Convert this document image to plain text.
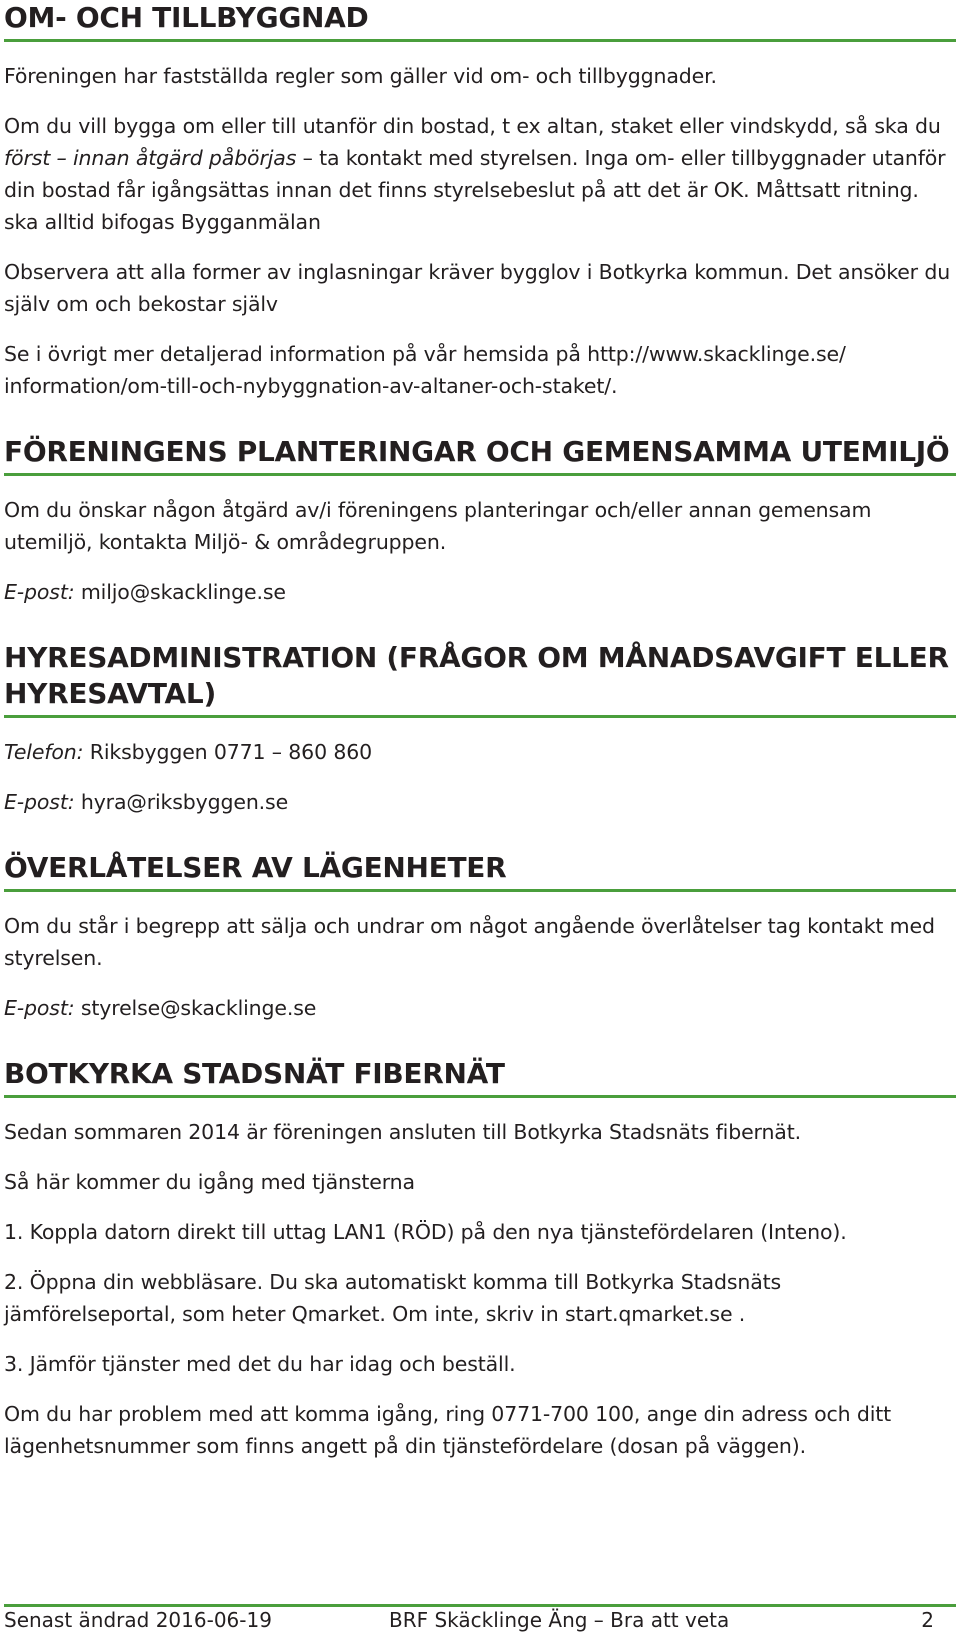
OM- OCH TILLBYGGNAD

Föreningen har fastställda regler som gäller vid om- och tillbyggnader.

Om du vill bygga om eller till utanför din bostad, t ex altan, staket eller vindskydd, så ska du först – innan åtgärd påbörjas – ta kontakt med styrelsen. Inga om- eller tillbyggnader utanför din bostad får igångsättas innan det finns styrelsebeslut på att det är OK. Måttsatt ritning. ska alltid bifogas Bygganmälan

Observera att alla former av inglasningar kräver bygglov i Botkyrka kommun. Det ansöker du själv om och bekostar själv

Se i övrigt mer detaljerad information på vår hemsida på http://www.skacklinge.se/ information/om-till-och-nybyggnation-av-altaner-och-staket/.

FÖRENINGENS PLANTERINGAR OCH GEMENSAMMA UTEMILJÖ

Om du önskar någon åtgärd av/i föreningens planteringar och/eller annan gemensam utemiljö, kontakta Miljö- & områdegruppen.

E-post: miljo@skacklinge.se

HYRESADMINISTRATION (FRÅGOR OM MÅNADSAVGIFT ELLER HYRESAVTAL)

Telefon: Riksbyggen 0771 – 860 860

E-post: hyra@riksbyggen.se

ÖVERLÅTELSER AV LÄGENHETER

Om du står i begrepp att sälja och undrar om något angående överlåtelser tag kontakt med styrelsen.

E-post: styrelse@skacklinge.se

BOTKYRKA STADSNÄT FIBERNÄT

Sedan sommaren 2014 är föreningen ansluten till Botkyrka Stadsnäts fibernät.

Så här kommer du igång med tjänsterna

1. Koppla datorn direkt till uttag LAN1 (RÖD) på den nya tjänstefördelaren (Inteno).

2. Öppna din webbläsare. Du ska automatiskt komma till Botkyrka Stadsnäts jämförelseportal, som heter Qmarket. Om inte, skriv in start.qmarket.se .

3. Jämför tjänster med det du har idag och beställ.

Om du har problem med att komma igång, ring 0771-700 100, ange din adress och ditt lägenhetsnummer som finns angett på din tjänstefördelare (dosan på väggen).

Senast ändrad 2016-06-19	BRF Skäcklinge Äng – Bra att veta	2
